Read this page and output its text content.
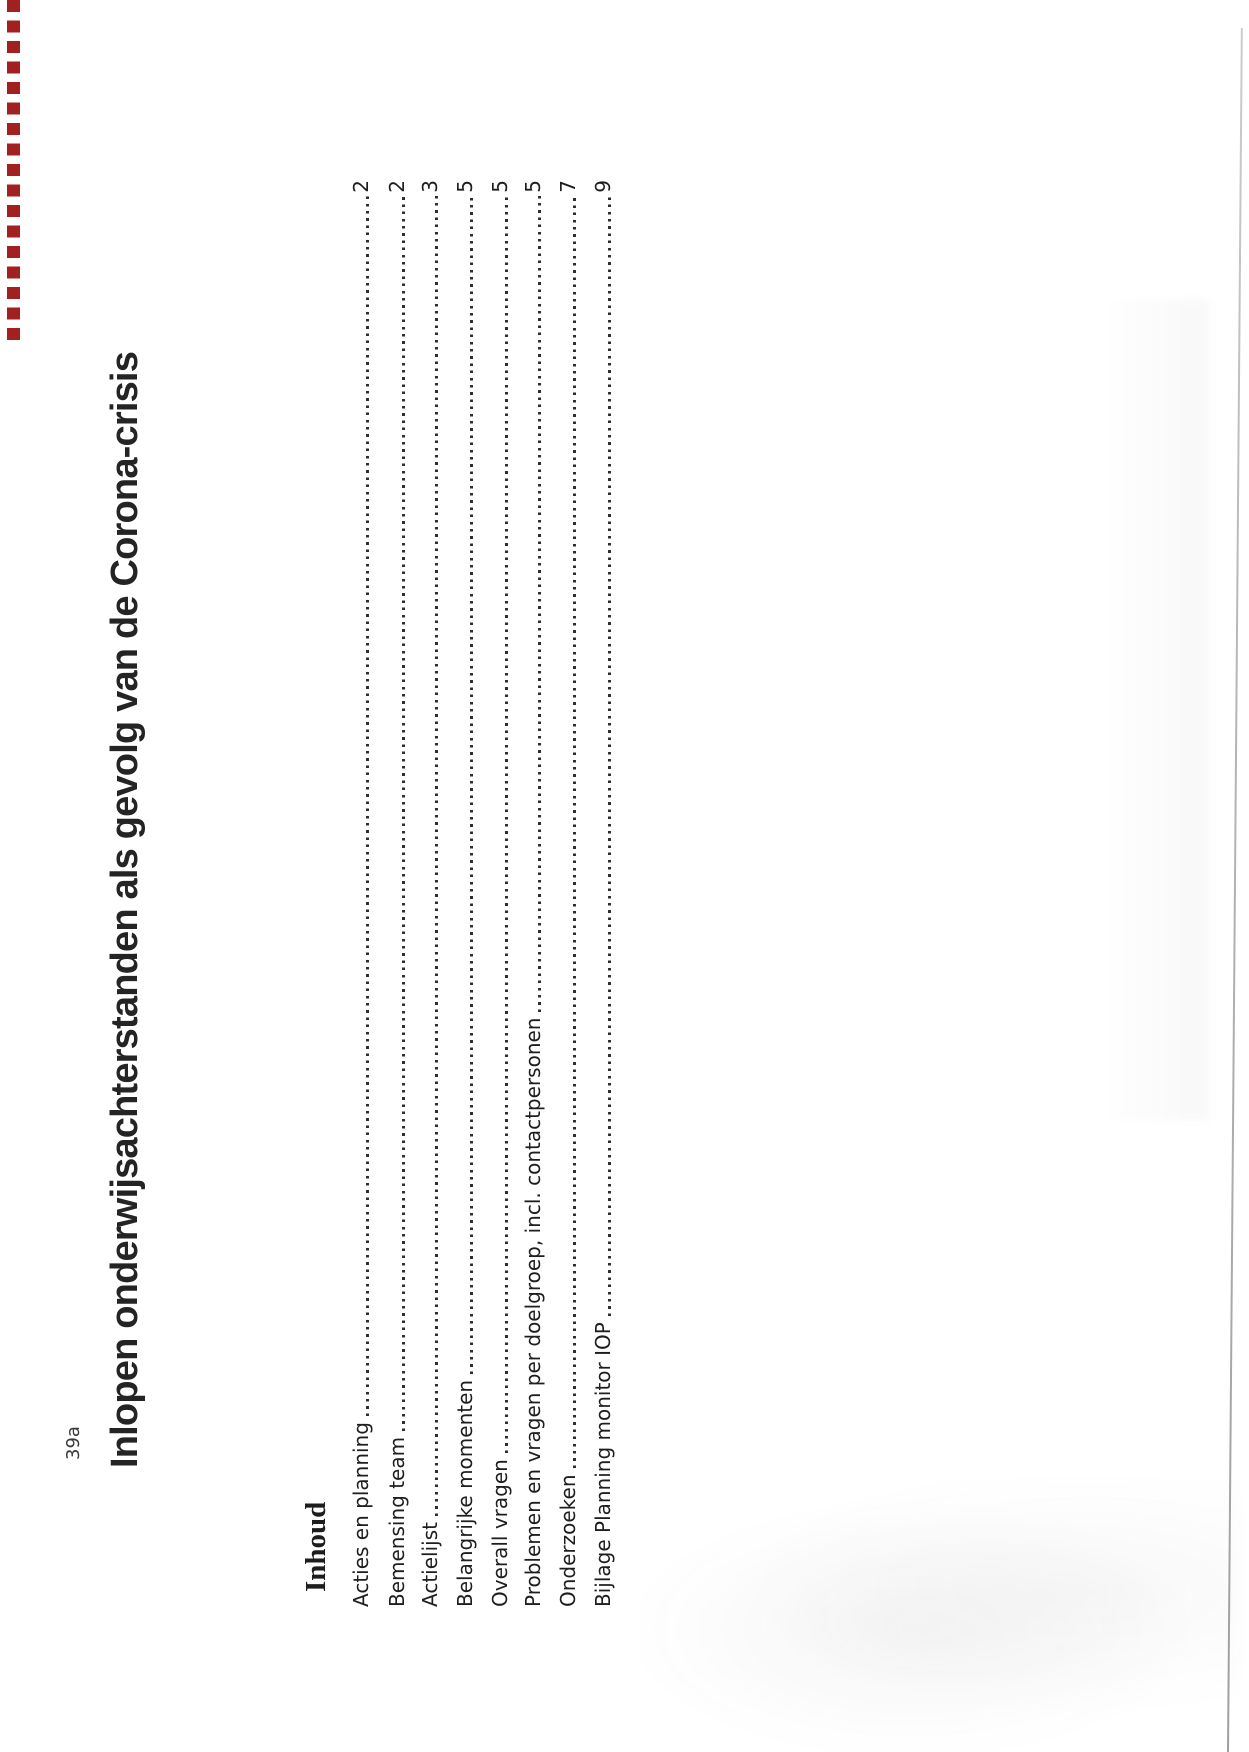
39a Inlopen onderwijsachterstanden als gevolg van de Corona-crisis
Inhoud Acties en planning
2
Bemensing team
2
Actielijst
3
Belangrijke momenten
5
Overall vragen
5
Problemen en vragen per doelgroep, incl. contactpersonen
5
Onderzoeken
7
Bijlage Planning monitor IOP
9
